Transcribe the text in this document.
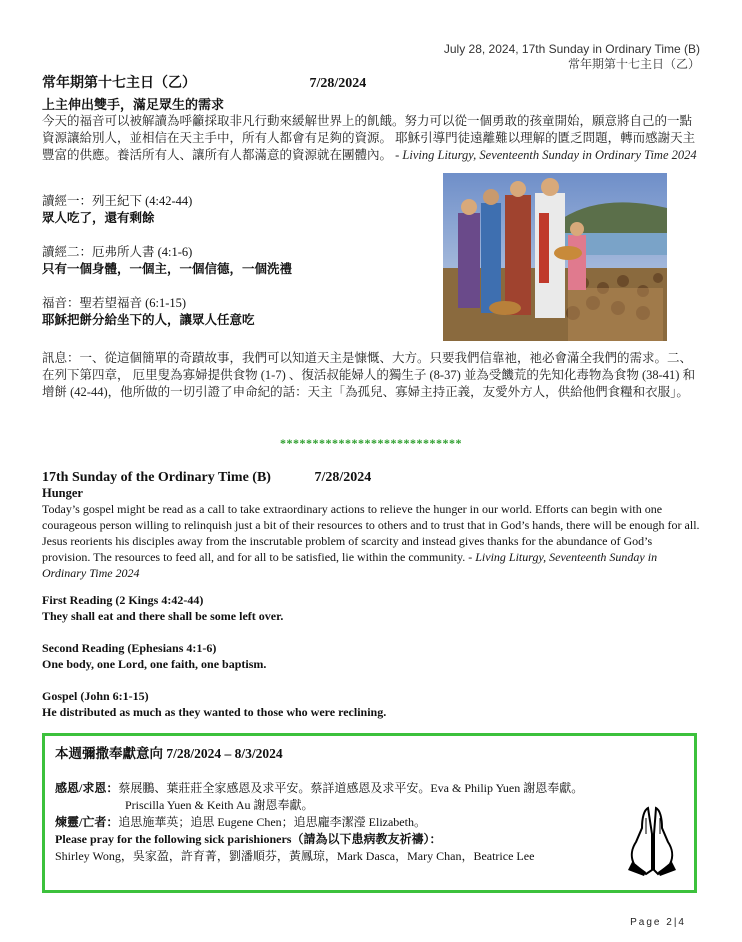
July 28, 2024, 17th Sunday in Ordinary Time (B)
常年期第十七主日（乙）
常年期第十七主日（乙）	7/28/2024
上主伸出雙手，滿足眾生的需求
今天的福音可以被解讀為呼籲採取非凡行動來緩解世界上的飢餓。努力可以從一個勇敢的孩童開始，願意將自己的一點資源讓給別人，並相信在天主手中，所有人都會有足夠的資源。 耶穌引導門徒遠離難以理解的匱乏問題，轉而感謝天主豐富的供應。養活所有人、讓所有人都滿意的資源就在團體內。 - Living Liturgy, Seventeenth Sunday in Ordinary Time 2024
讀經一：列王紀下 (4:42-44)
眾人吃了，還有剩餘
讀經二：厄弗所人書 (4:1-6)
只有一個身體，一個主，一個信德，一個洗禮
福音：聖若望福音 (6:1-15)
耶穌把餅分給坐下的人，讓眾人任意吃
訊息：一、從這個簡單的奇蹟故事，我們可以知道天主是慷慨、大方。只要我們信靠祂，祂必會滿全我們的需求。二、在列下第四章， 厄里叟為寡婦提供食物 (1-7) 、復活叔能婦人的獨生子 (8-37) 並為受饑荒的先知化毒物為食物 (38-41) 和增餅 (42-44)，他所做的一切引證了申命紀的話：天主「為孤兒、寡婦主持正義，友愛外方人，供給他們食糧和衣服」。
****************************
17th Sunday of the Ordinary Time (B)	7/28/2024
Hunger
Today’s gospel might be read as a call to take extraordinary actions to relieve the hunger in our world. Efforts can begin with one courageous person willing to relinquish just a bit of their resources to others and to trust that in God’s hands, there will be enough for all. Jesus reorients his disciples away from the inscrutable problem of scarcity and instead gives thanks for the abundance of God’s provision. The resources to feed all, and for all to be satisfied, lie within the community. - Living Liturgy, Seventeenth Sunday in Ordinary Time 2024
First Reading (2 Kings 4:42-44)
They shall eat and there shall be some left over.
Second Reading (Ephesians 4:1-6)
One body, one Lord, one faith, one baptism.
Gospel (John 6:1-15)
He distributed as much as they wanted to those who were reclining.
本週彌撒奉獻意向 7/28/2024 – 8/3/2024
感恩/求恩：蔡展鵬、葉莊莊全家感恩及求平安。蔡詳道感恩及求平安。Eva & Philip Yuen 謝恩奉獻。
Priscilla Yuen & Keith Au 謝恩奉獻。
煉靈/亡者：追思施華英；追思 Eugene Chen；追思龐李潔瀅 Elizabeth。
Please pray for the following sick parishioners（請為以下患病教友祈禱）：
Shirley Wong，吳家盈，許育菁，劉潘順芬，黃鳳琼，Mark Dasca，Mary Chan，Beatrice Lee
Page 2|4
